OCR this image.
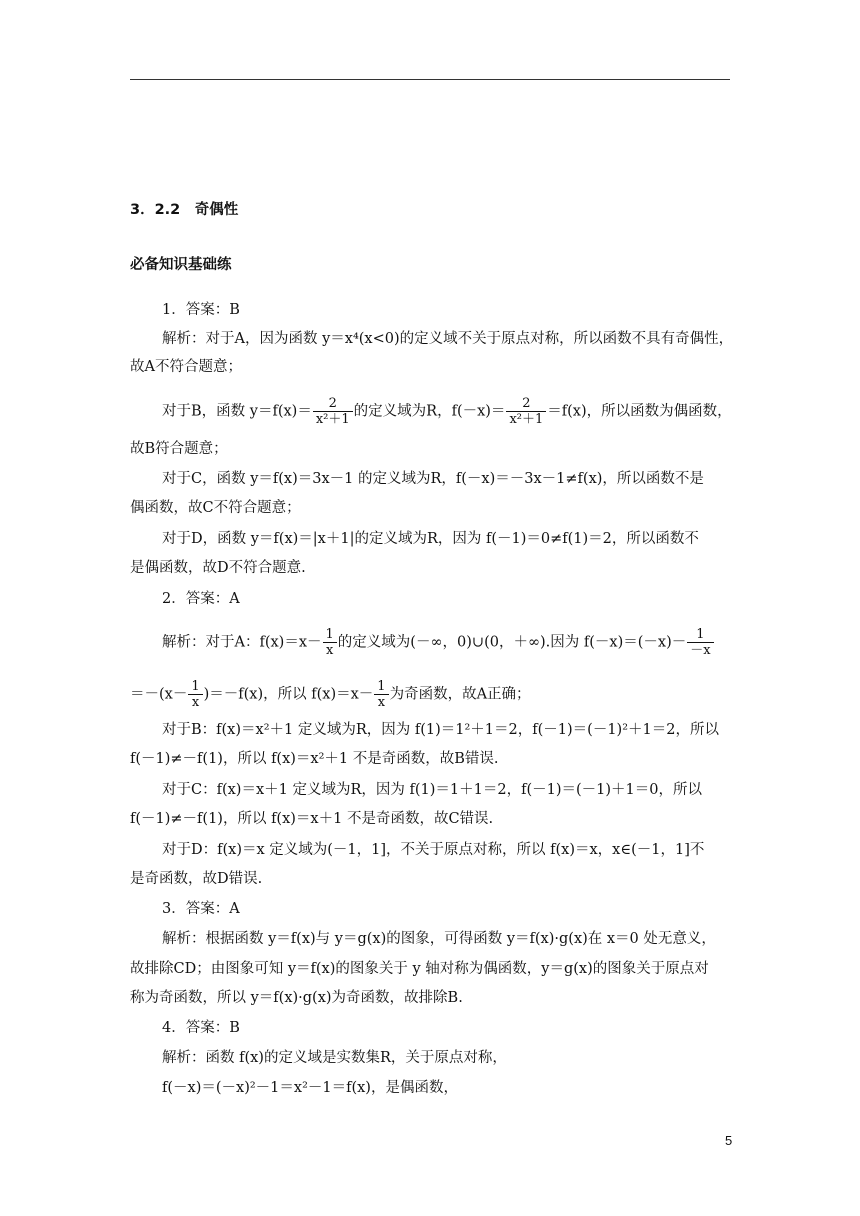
3．2.2　奇偶性
必备知识基础练
1．答案：B
解析：对于A，因为函数 y＝x⁴(x<0)的定义域不关于原点对称，所以函数不具有奇偶性，
故A不符合题意；
对于B，函数 $y=f(x)= \frac{2}{\text{x²＋1}}$ 的定义域为R，$f(-x)= \frac{2}{\text{x²＋1}} =f(x)$，所以函数为偶函数，
故B符合题意；
对于C，函数 y＝f(x)＝3x－1 的定义域为R，f(－x)＝－3x－1≠f(x)，所以函数不是
偶函数，故C不符合题意；
对于D，函数 y＝f(x)＝|x＋1|的定义域为R，因为 f(－1)＝0≠f(1)＝2，所以函数不
是偶函数，故D不符合题意.
2．答案：A
解析：对于A：$f(x)=x- \frac{1}{x}$ 的定义域为(－∞，0)∪(0，＋∞).因为 $f(-x)=(-x)- \frac{1}{-x}$
$=-(x- \frac{1}{x} )=-f(x)$，所以 $f(x)=x- \frac{1}{x}$ 为奇函数，故A正确；
对于B：f(x)＝x²＋1 定义域为R，因为 f(1)＝1²＋1＝2，f(－1)＝(－1)²＋1＝2，所以
f(－1)≠－f(1)，所以 f(x)＝x²＋1 不是奇函数，故B错误.
对于C：f(x)＝x＋1 定义域为R，因为 f(1)＝1＋1＝2，f(－1)＝(－1)＋1＝0，所以
f(－1)≠－f(1)，所以 f(x)＝x＋1 不是奇函数，故C错误.
对于D：f(x)＝x 定义域为(－1，1]，不关于原点对称，所以 f(x)＝x，x∈(－1，1]不
是奇函数，故D错误.
3．答案：A
解析：根据函数 y＝f(x)与 y＝g(x)的图象，可得函数 y＝f(x)·g(x)在 x＝0 处无意义，
故排除CD；由图象可知 y＝f(x)的图象关于 y 轴对称为偶函数，y＝g(x)的图象关于原点对
称为奇函数，所以 y＝f(x)·g(x)为奇函数，故排除B.
4．答案：B
解析：函数 f(x)的定义域是实数集R，关于原点对称，
f(－x)＝(－x)²－1＝x²－1＝f(x)，是偶函数，
5
